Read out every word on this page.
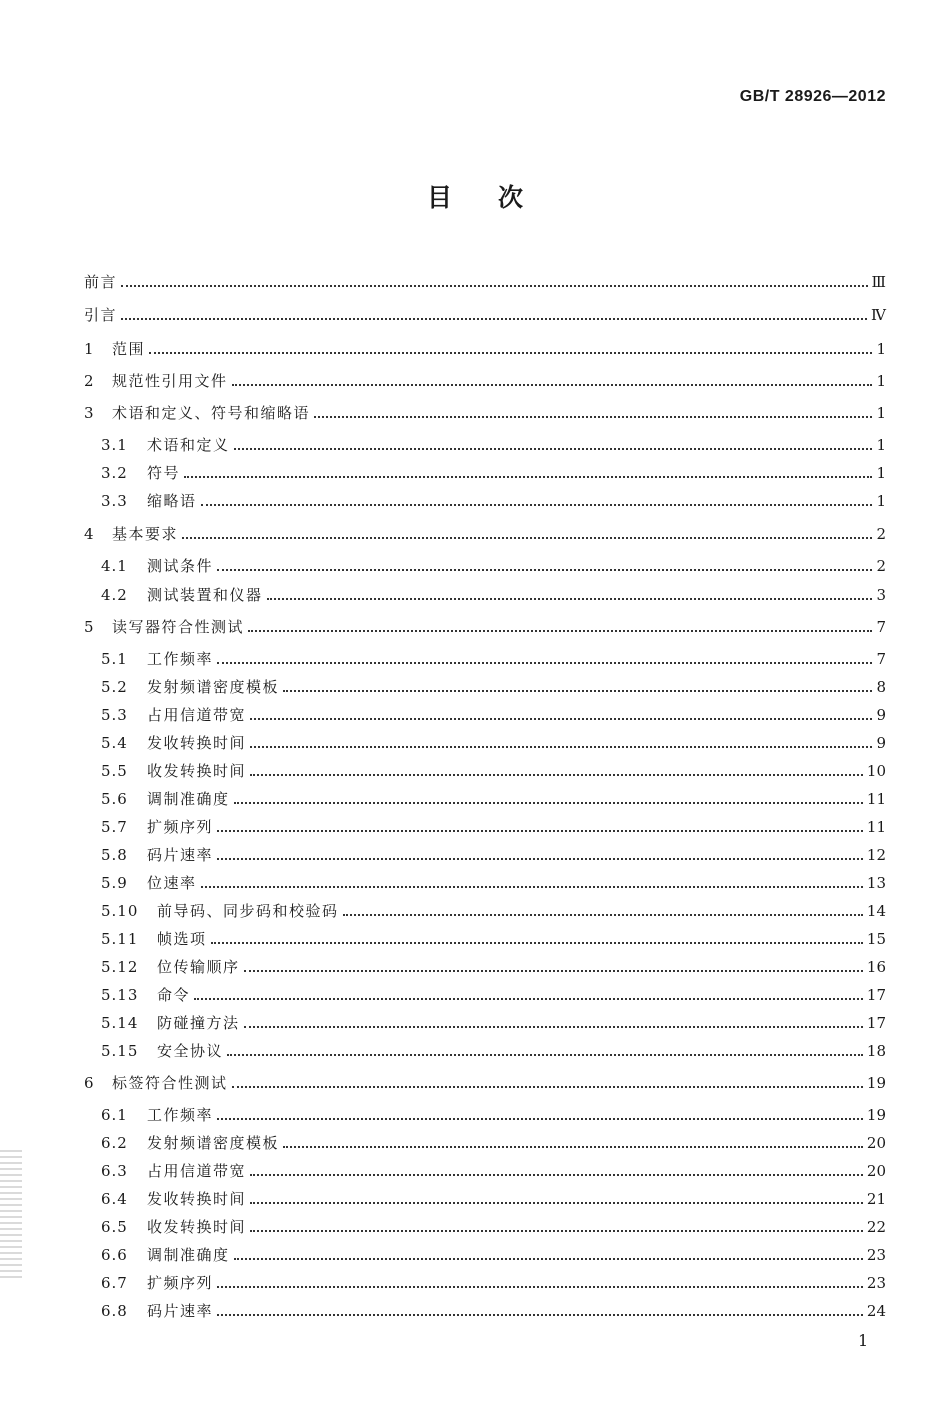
GB/T 28926—2012
目次
前言	Ⅲ
引言	Ⅳ
1	范围	1
2	规范性引用文件	1
3	术语和定义、符号和缩略语	1
3.1	术语和定义	1
3.2	符号	1
3.3	缩略语	1
4	基本要求	2
4.1	测试条件	2
4.2	测试装置和仪器	3
5	读写器符合性测试	7
5.1	工作频率	7
5.2	发射频谱密度模板	8
5.3	占用信道带宽	9
5.4	发收转换时间	9
5.5	收发转换时间	10
5.6	调制准确度	11
5.7	扩频序列	11
5.8	码片速率	12
5.9	位速率	13
5.10	前导码、同步码和校验码	14
5.11	帧选项	15
5.12	位传输顺序	16
5.13	命令	17
5.14	防碰撞方法	17
5.15	安全协议	18
6	标签符合性测试	19
6.1	工作频率	19
6.2	发射频谱密度模板	20
6.3	占用信道带宽	20
6.4	发收转换时间	21
6.5	收发转换时间	22
6.6	调制准确度	23
6.7	扩频序列	23
6.8	码片速率	24
1
